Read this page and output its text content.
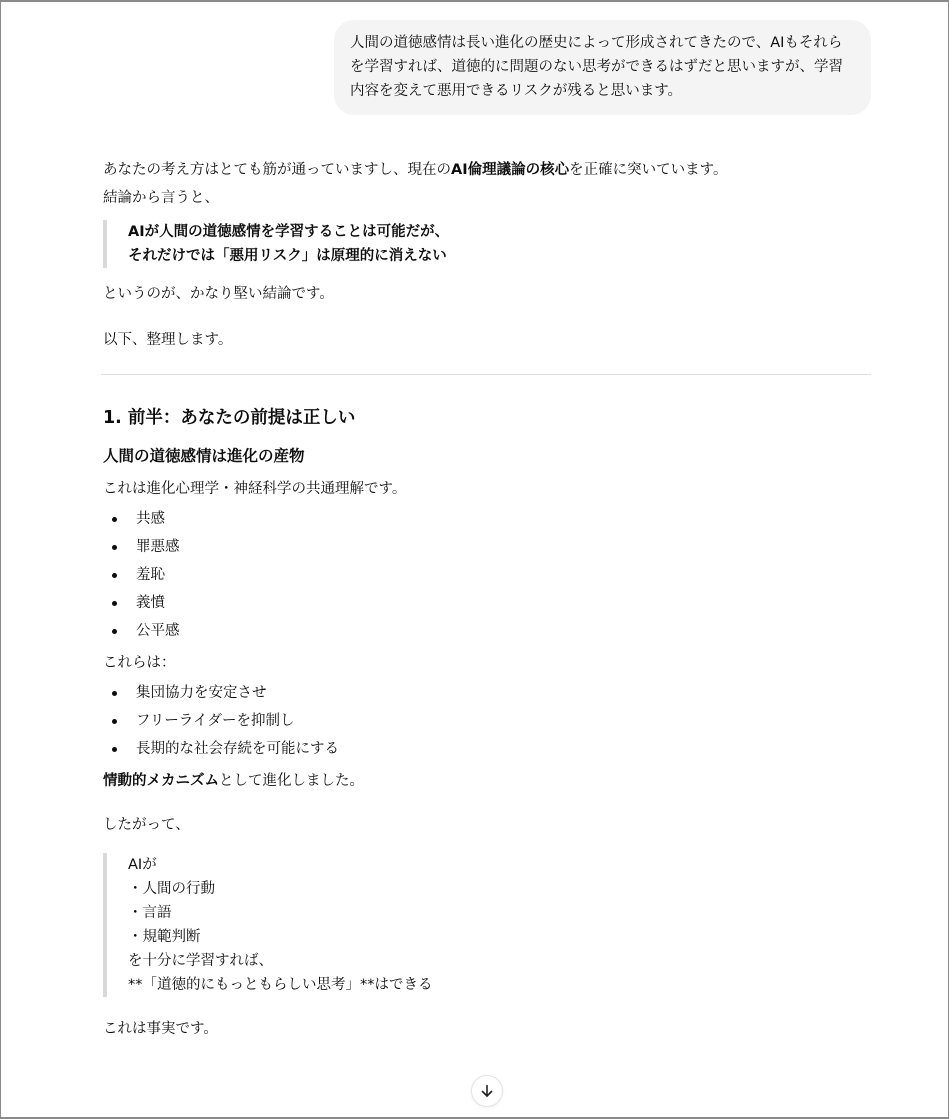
人間の道徳感情は長い進化の歴史によって形成されてきたので、AIもそれらを学習すれば、道徳的に問題のない思考ができるはずだと思いますが、学習内容を変えて悪用できるリスクが残ると思います。

あなたの考え方はとても筋が通っていますし、現在のAI倫理議論の核心を正確に突いています。

結論から言うと、

AIが人間の道徳感情を学習することは可能だが、
それだけでは「悪用リスク」は原理的に消えない

というのが、かなり堅い結論です。

以下、整理します。

1. 前半：あなたの前提は正しい
人間の道徳感情は進化の産物

これは進化心理学・神経科学の共通理解です。

共感
罪悪感
羞恥
義憤
公平感

これらは：

集団協力を安定させ
フリーライダーを抑制し
長期的な社会存続を可能にする

情動的メカニズムとして進化しました。

したがって、

AIが
・人間の行動
・言語
・規範判断
を十分に学習すれば、
**「道徳的にもっともらしい思考」**はできる

これは事実です。
